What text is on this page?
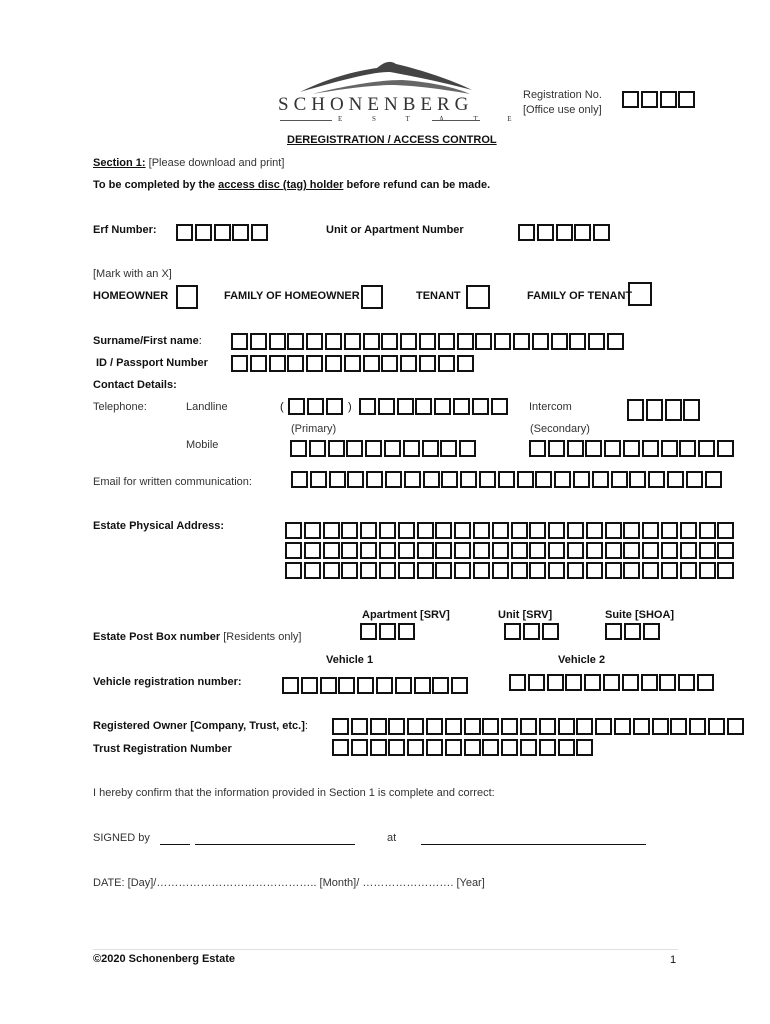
SCHONENBERG
E S T A T E
Registration No.
[Office use only]
DEREGISTRATION / ACCESS CONTROL
Section 1: [Please download and print]
To be completed by the access disc (tag) holder before refund can be made.
Erf Number:	Unit or Apartment Number
[Mark with an X]
HOMEOWNER	FAMILY OF HOMEOWNER	TENANT	FAMILY OF TENANT
Surname/First name:
ID / Passport Number
Contact Details:
Telephone:	Landline	(	)	Intercom
(Primary)	(Secondary)
Mobile
Email for written communication:
Estate Physical Address:
Apartment [SRV]	Unit [SRV]	Suite [SHOA]
Estate Post Box number [Residents only]
Vehicle 1	Vehicle 2
Vehicle registration number:
Registered Owner [Company, Trust, etc.]:
Trust Registration Number
I hereby confirm that the information provided in Section 1 is complete and correct:
SIGNED by	at
DATE: [Day]/…………………………………….. [Month]/ ……………………. [Year]
©2020 Schonenberg Estate	1
